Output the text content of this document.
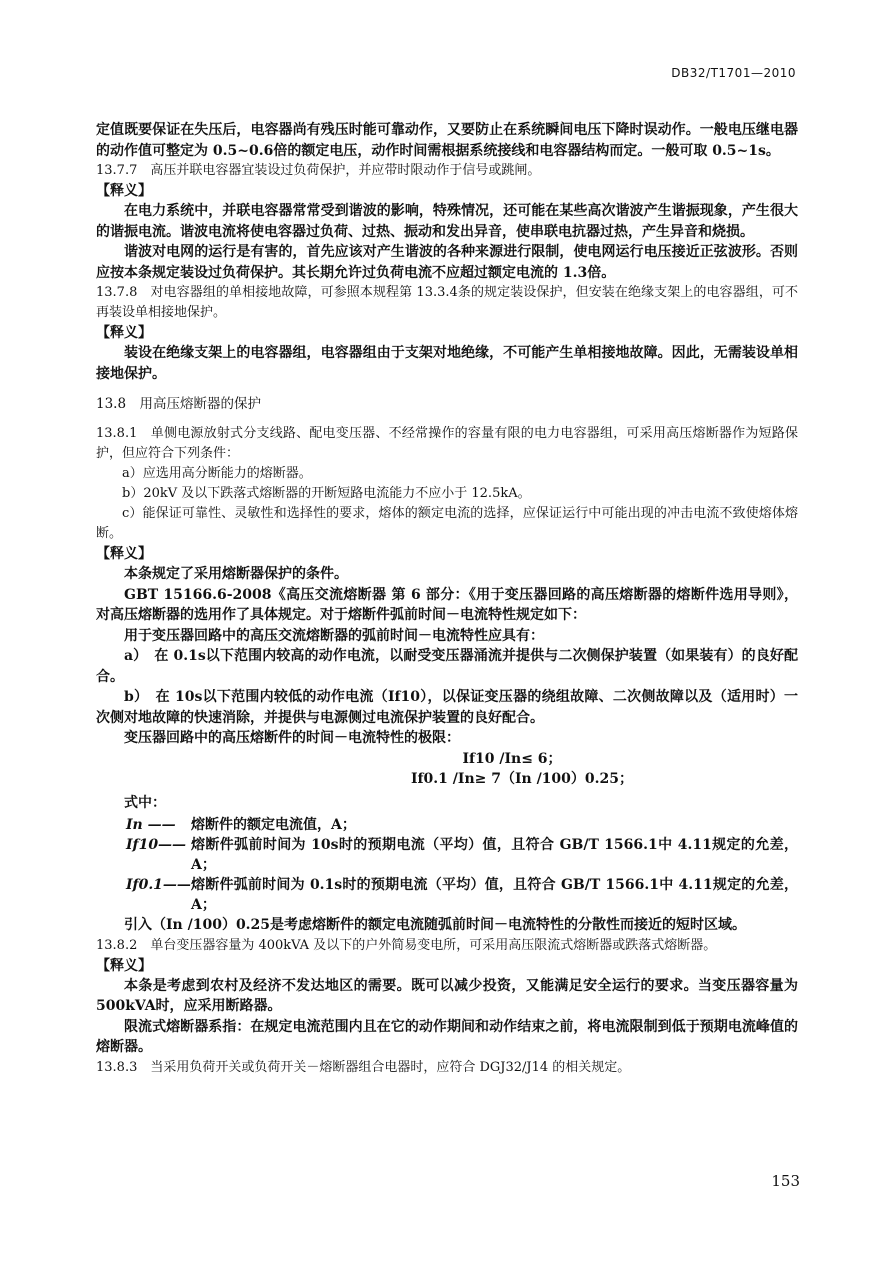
DB32/T1701—2010

定值既要保证在失压后，电容器尚有残压时能可靠动作，又要防止在系统瞬间电压下降时误动作。一般电压继电器的动作值可整定为 0.5~0.6倍的额定电压，动作时间需根据系统接线和电容器结构而定。一般可取 0.5~1s。

13.7.7　高压并联电容器宜装设过负荷保护，并应带时限动作于信号或跳闸。

【释义】

在电力系统中，并联电容器常常受到谐波的影响，特殊情况，还可能在某些高次谐波产生谐振现象，产生很大的谐振电流。谐波电流将使电容器过负荷、过热、振动和发出异音，使串联电抗器过热，产生异音和烧损。

谐波对电网的运行是有害的，首先应该对产生谐波的各种来源进行限制，使电网运行电压接近正弦波形。否则应按本条规定装设过负荷保护。其长期允许过负荷电流不应超过额定电流的 1.3倍。

13.7.8　对电容器组的单相接地故障，可参照本规程第 13.3.4条的规定装设保护，但安装在绝缘支架上的电容器组，可不再装设单相接地保护。

【释义】

装设在绝缘支架上的电容器组，电容器组由于支架对地绝缘，不可能产生单相接地故障。因此，无需装设单相接地保护。

13.8　用高压熔断器的保护

13.8.1　单侧电源放射式分支线路、配电变压器、不经常操作的容量有限的电力电容器组，可采用高压熔断器作为短路保护，但应符合下列条件：

a）应选用高分断能力的熔断器。

b）20kV 及以下跌落式熔断器的开断短路电流能力不应小于 12.5kA。

c）能保证可靠性、灵敏性和选择性的要求，熔体的额定电流的选择，应保证运行中可能出现的冲击电流不致使熔体熔断。

【释义】

本条规定了采用熔断器保护的条件。

GBT 15166.6-2008《高压交流熔断器 第 6 部分：《用于变压器回路的高压熔断器的熔断件选用导则》，对高压熔断器的选用作了具体规定。对于熔断件弧前时间－电流特性规定如下：

用于变压器回路中的高压交流熔断器的弧前时间－电流特性应具有：

a）　在 0.1s以下范围内较高的动作电流，以耐受变压器涌流并提供与二次侧保护装置（如果装有）的良好配合。

b）　在 10s以下范围内较低的动作电流（If10），以保证变压器的绕组故障、二次侧故障以及（适用时）一次侧对地故障的快速消除，并提供与电源侧过电流保护装置的良好配合。

变压器回路中的高压熔断件的时间－电流特性的极限：

If10 /In≤ 6；

If0.1 /In≥ 7（In /100）0.25；

式中：

In ——	熔断件的额定电流值，A；
If10—— 熔断件弧前时间为 10s时的预期电流（平均）值，且符合 GB/T 1566.1中 4.11规定的允差，A；
If0.1—— 熔断件弧前时间为 0.1s时的预期电流（平均）值，且符合 GB/T 1566.1中 4.11规定的允差，A；

引入（In /100）0.25是考虑熔断件的额定电流随弧前时间－电流特性的分散性而接近的短时区域。

13.8.2　单台变压器容量为 400kVA 及以下的户外简易变电所，可采用高压限流式熔断器或跌落式熔断器。

【释义】

本条是考虑到农村及经济不发达地区的需要。既可以减少投资，又能满足安全运行的要求。当变压器容量为 500kVA时，应采用断路器。

限流式熔断器系指：在规定电流范围内且在它的动作期间和动作结束之前，将电流限制到低于预期电流峰值的熔断器。

13.8.3　当采用负荷开关或负荷开关－熔断器组合电器时，应符合 DGJ32/J14 的相关规定。

153
